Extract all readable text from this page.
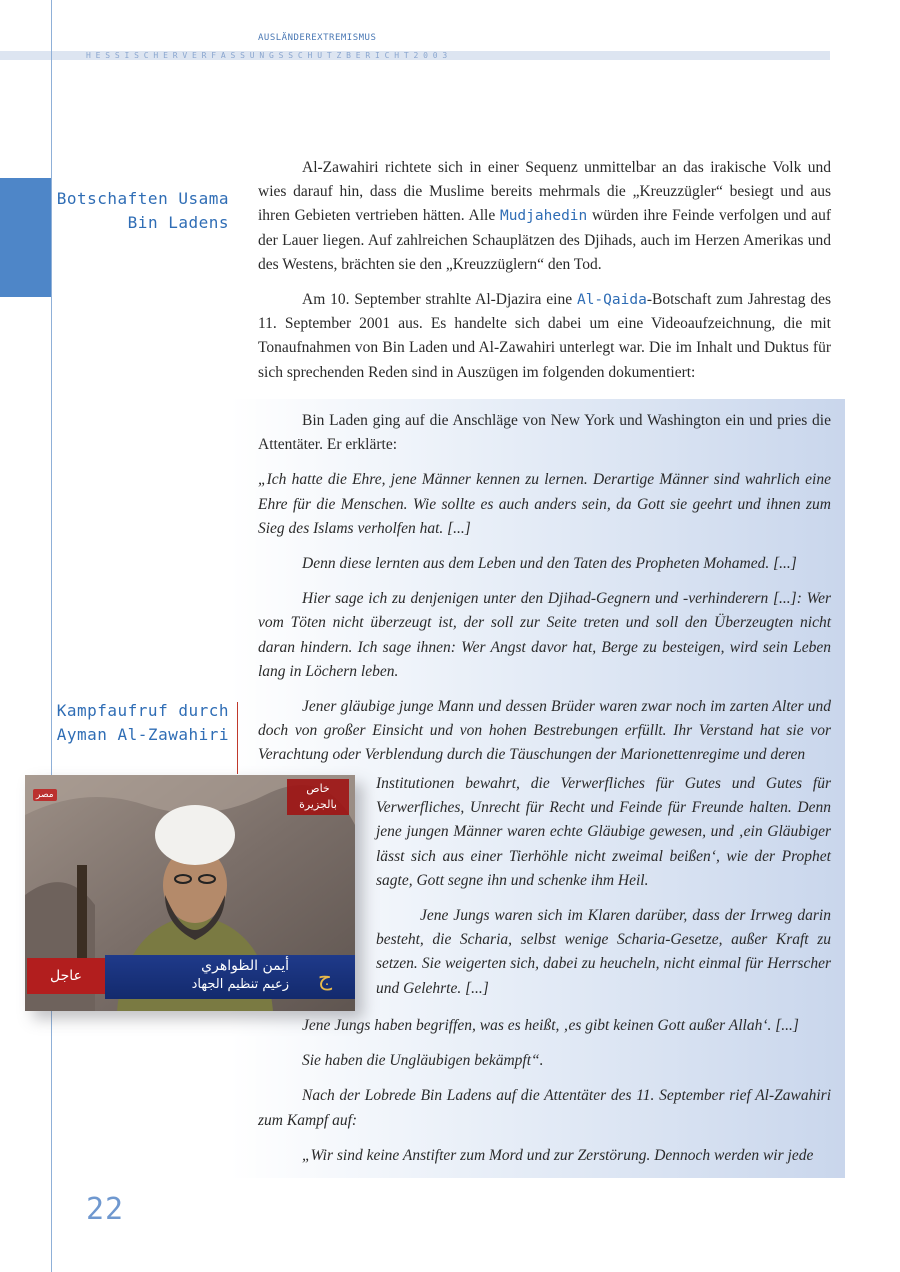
AUSLÄNDEREXTREMISMUS
H E S S I S C H E R V E R F A S S U N G S S C H U T Z B E R I C H T 2 0 0 3
Botschaften Usama Bin Ladens

Al-Zawahiri richtete sich in einer Sequenz unmittelbar an das irakische Volk und wies darauf hin, dass die Muslime bereits mehrmals die „Kreuzzügler“ besiegt und aus ihren Gebieten vertrieben hätten. Alle Mudjahedin würden ihre Feinde verfolgen und auf der Lauer liegen. Auf zahlreichen Schauplätzen des Djihads, auch im Herzen Amerikas und des Westens, brächten sie den „Kreuzzüglern“ den Tod.

Am 10. September strahlte Al-Djazira eine Al-Qaida-Botschaft zum Jahrestag des 11. September 2001 aus. Es handelte sich dabei um eine Videoaufzeichnung, die mit Tonaufnahmen von Bin Laden und Al-Zawahiri unterlegt war. Die im Inhalt und Duktus für sich sprechenden Reden sind in Auszügen im folgenden dokumentiert:

Bin Laden ging auf die Anschläge von New York und Washington ein und pries die Attentäter. Er erklärte:

„Ich hatte die Ehre, jene Männer kennen zu lernen. Derartige Männer sind wahrlich eine Ehre für die Menschen. Wie sollte es auch anders sein, da Gott sie geehrt und ihnen zum Sieg des Islams verholfen hat. [...]

Denn diese lernten aus dem Leben und den Taten des Propheten Mohamed. [...]

Hier sage ich zu denjenigen unter den Djihad-Gegnern und -verhinderern [...]: Wer vom Töten nicht überzeugt ist, der soll zur Seite treten und soll den Überzeugten nicht daran hindern. Ich sage ihnen: Wer Angst davor hat, Berge zu besteigen, wird sein Leben lang in Löchern leben.

Jener gläubige junge Mann und dessen Brüder waren zwar noch im zarten Alter und doch von großer Einsicht und von hohen Bestrebungen erfüllt. Ihr Verstand hat sie vor Verachtung oder Verblendung durch die Täuschungen der Marionettenregime und deren

Kampfaufruf durch Ayman Al-Zawahiri

Institutionen bewahrt, die Verwerfliches für Gutes und Gutes für Verwerfliches, Unrecht für Recht und Feinde für Freunde halten. Denn jene jungen Männer waren echte Gläubige gewesen, und ‚ein Gläubiger lässt sich aus einer Tierhöhle nicht zweimal beißen‘, wie der Prophet sagte, Gott segne ihn und schenke ihm Heil.

Jene Jungs waren sich im Klaren darüber, dass der Irrweg darin besteht, die Scharia, selbst wenige Scharia-Gesetze, außer Kraft zu setzen. Sie weigerten sich, dabei zu heucheln, nicht einmal für Herrscher und Gelehrte. [...]

Jene Jungs haben begriffen, was es heißt, ‚es gibt keinen Gott außer Allah‘. [...]

Sie haben die Ungläubigen bekämpft“.

Nach der Lobrede Bin Ladens auf die Attentäter des 11. September rief Al-Zawahiri zum Kampf auf:

„Wir sind keine Anstifter zum Mord und zur Zerstörung. Dennoch werden wir jede

مصر	خاص بالجزيرة
عاجل
أيمن الظواهري
زعيم تنظيم الجهاد	ج
22
